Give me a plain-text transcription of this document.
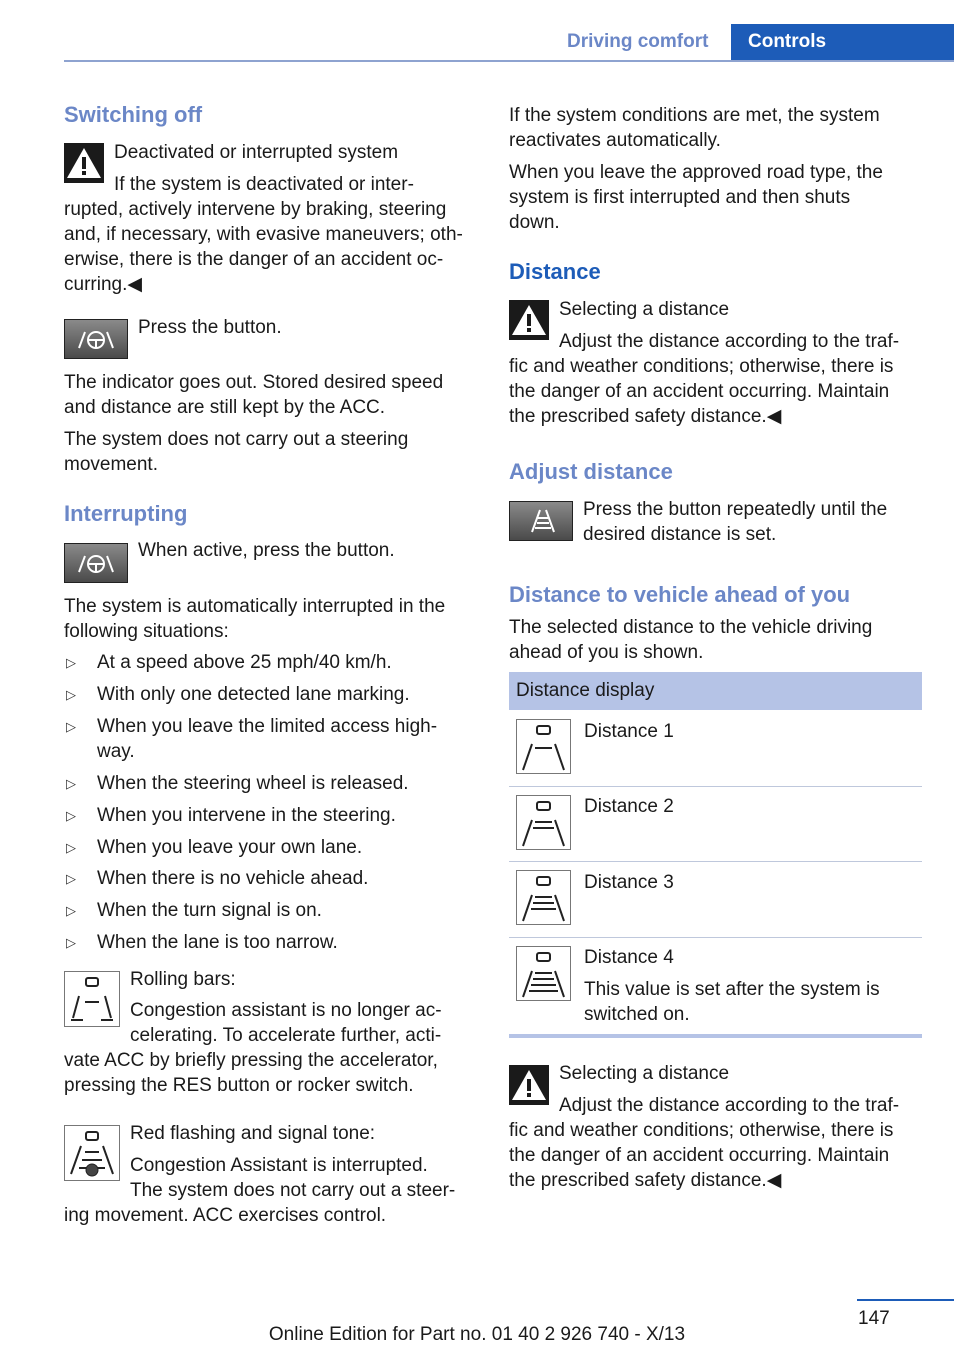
Driving comfort	Controls
Switching off
Deactivated or interrupted system
If the system is deactivated or inter-
rupted, actively intervene by braking, steering
and, if necessary, with evasive maneuvers; oth-
erwise, there is the danger of an accident oc-
curring.◀
Press the button.
The indicator goes out. Stored desired speed
and distance are still kept by the ACC.
The system does not carry out a steering
movement.
Interrupting
When active, press the button.
The system is automatically interrupted in the
following situations:
▷ At a speed above 25 mph/40 km/h.
▷ With only one detected lane marking.
▷ When you leave the limited access high-
way.
▷ When the steering wheel is released.
▷ When you intervene in the steering.
▷ When you leave your own lane.
▷ When there is no vehicle ahead.
▷ When the turn signal is on.
▷ When the lane is too narrow.
Rolling bars:
Congestion assistant is no longer ac-
celerating. To accelerate further, acti-
vate ACC by briefly pressing the accelerator,
pressing the RES button or rocker switch.
Red flashing and signal tone:
Congestion Assistant is interrupted.
The system does not carry out a steer-
ing movement. ACC exercises control.
If the system conditions are met, the system
reactivates automatically.
When you leave the approved road type, the
system is first interrupted and then shuts
down.
Distance
Selecting a distance
Adjust the distance according to the traf-
fic and weather conditions; otherwise, there is
the danger of an accident occurring. Maintain
the prescribed safety distance.◀
Adjust distance
Press the button repeatedly until the
desired distance is set.
Distance to vehicle ahead of you
The selected distance to the vehicle driving
ahead of you is shown.
Distance display
Distance 1
Distance 2
Distance 3
Distance 4
This value is set after the system is
switched on.
Selecting a distance
Adjust the distance according to the traf-
fic and weather conditions; otherwise, there is
the danger of an accident occurring. Maintain
the prescribed safety distance.◀
147
Online Edition for Part no. 01 40 2 926 740 - X/13
